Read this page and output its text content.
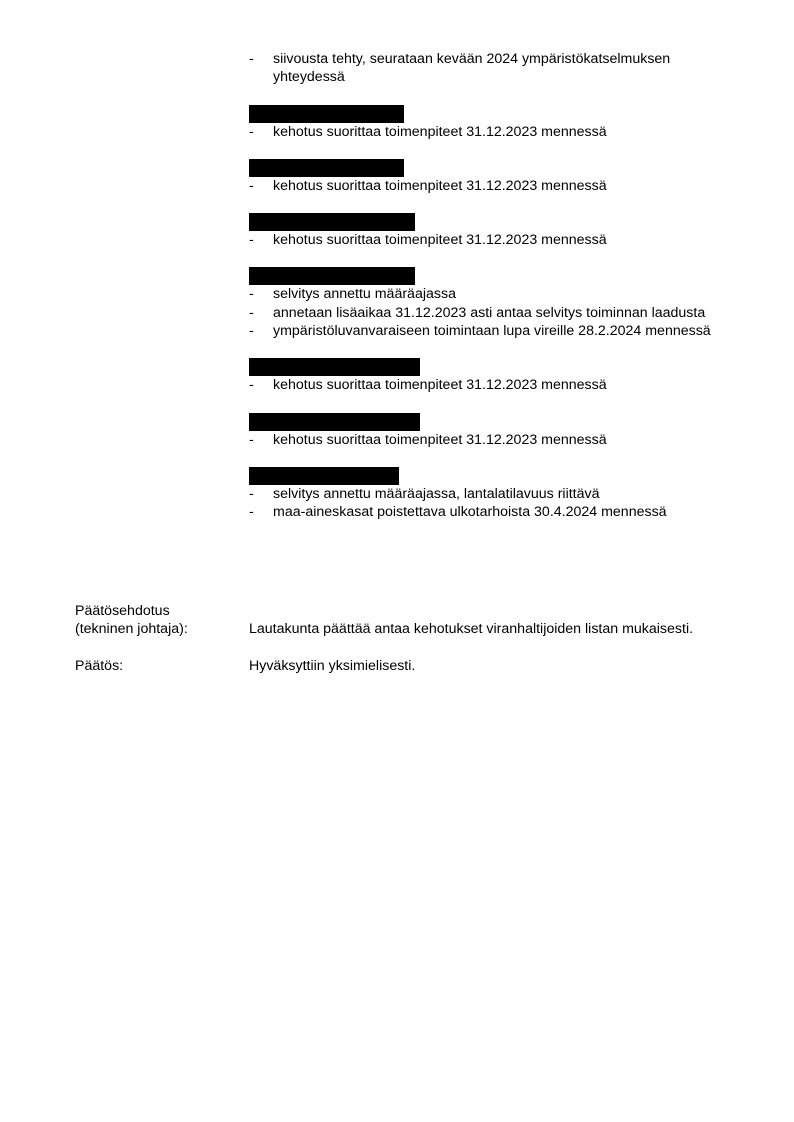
- siivousta tehty, seurataan kevään 2024 ympäristökatselmuksen yhteydessä
- kehotus suorittaa toimenpiteet 31.12.2023 mennessä
- kehotus suorittaa toimenpiteet 31.12.2023 mennessä
- kehotus suorittaa toimenpiteet 31.12.2023 mennessä
- selvitys annettu määräajassa
- annetaan lisäaikaa 31.12.2023 asti antaa selvitys toiminnan laadusta
- ympäristöluvanvaraiseen toimintaan lupa vireille 28.2.2024 mennessä
- kehotus suorittaa toimenpiteet 31.12.2023 mennessä
- kehotus suorittaa toimenpiteet 31.12.2023 mennessä
- selvitys annettu määräajassa, lantalatilavuus riittävä
- maa-aineskasat poistettava ulkotarhoista 30.4.2024 mennessä
Päätösehdotus
(tekninen johtaja):	Lautakunta päättää antaa kehotukset viranhaltijoiden listan mukaisesti.
Päätös:	Hyväksyttiin yksimielisesti.
